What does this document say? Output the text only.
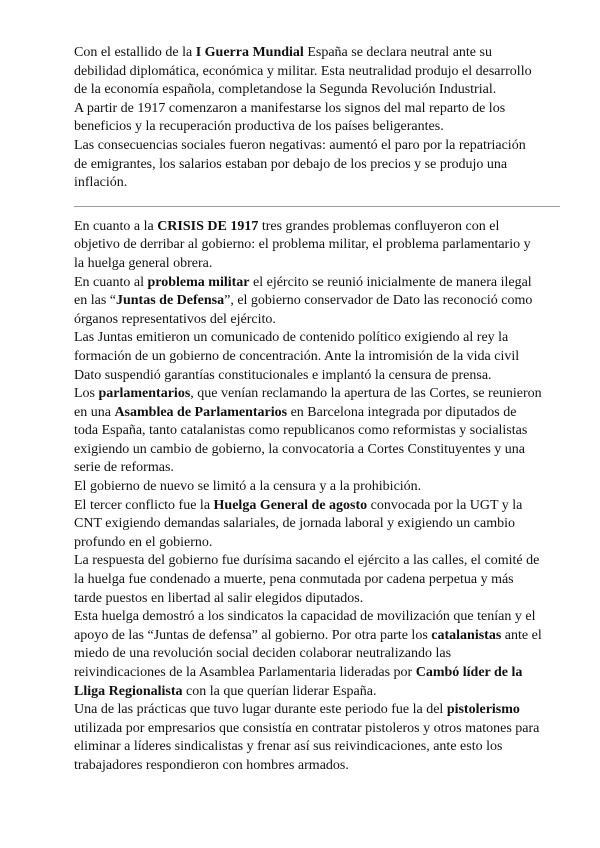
Con el estallido de la I Guerra Mundial España se declara neutral ante su debilidad diplomática, económica y militar. Esta neutralidad produjo el desarrollo de la economía española, completandose la Segunda Revolución Industrial.

A partir de 1917 comenzaron a manifestarse los signos del mal reparto de los beneficios y la recuperación productiva de los países beligerantes.

Las consecuencias sociales fueron negativas: aumentó el paro por la repatriación de emigrantes, los salarios estaban por debajo de los precios y se produjo una inflación.

En cuanto a la CRISIS DE 1917 tres grandes problemas confluyeron con el objetivo de derribar al gobierno: el problema militar, el problema parlamentario y la huelga general obrera.

En cuanto al problema militar el ejército se reunió inicialmente de manera ilegal en las “Juntas de Defensa”, el gobierno conservador de Dato las reconoció como órganos representativos del ejército.

Las Juntas emitieron un comunicado de contenido político exigiendo al rey la formación de un gobierno de concentración. Ante la intromisión de la vida civil Dato suspendió garantías constitucionales e implantó la censura de prensa.

Los parlamentarios, que venían reclamando la apertura de las Cortes, se reunieron en una Asamblea de Parlamentarios en Barcelona integrada por diputados de toda España, tanto catalanistas como republicanos como reformistas y socialistas exigiendo un cambio de gobierno, la convocatoria a Cortes Constituyentes y una serie de reformas.

El gobierno de nuevo se limitó a la censura y a la prohibición.

El tercer conflicto fue la Huelga General de agosto convocada por la UGT y la CNT exigiendo demandas salariales, de jornada laboral y exigiendo un cambio profundo en el gobierno.

La respuesta del gobierno fue durísima sacando el ejército a las calles, el comité de la huelga fue condenado a muerte, pena conmutada por cadena perpetua y más tarde puestos en libertad al salir elegidos diputados.

Esta huelga demostró a los sindicatos la capacidad de movilización que tenían y el apoyo de las “Juntas de defensa” al gobierno. Por otra parte los catalanistas ante el miedo de una revolución social deciden colaborar neutralizando las reivindicaciones de la Asamblea Parlamentaria lideradas por Cambó líder de la Lliga Regionalista con la que querían liderar España.

Una de las prácticas que tuvo lugar durante este periodo fue la del pistolerismo utilizada por empresarios que consistía en contratar pistoleros y otros matones para eliminar a líderes sindicalistas y frenar así sus reivindicaciones, ante esto los trabajadores respondieron con hombres armados.
